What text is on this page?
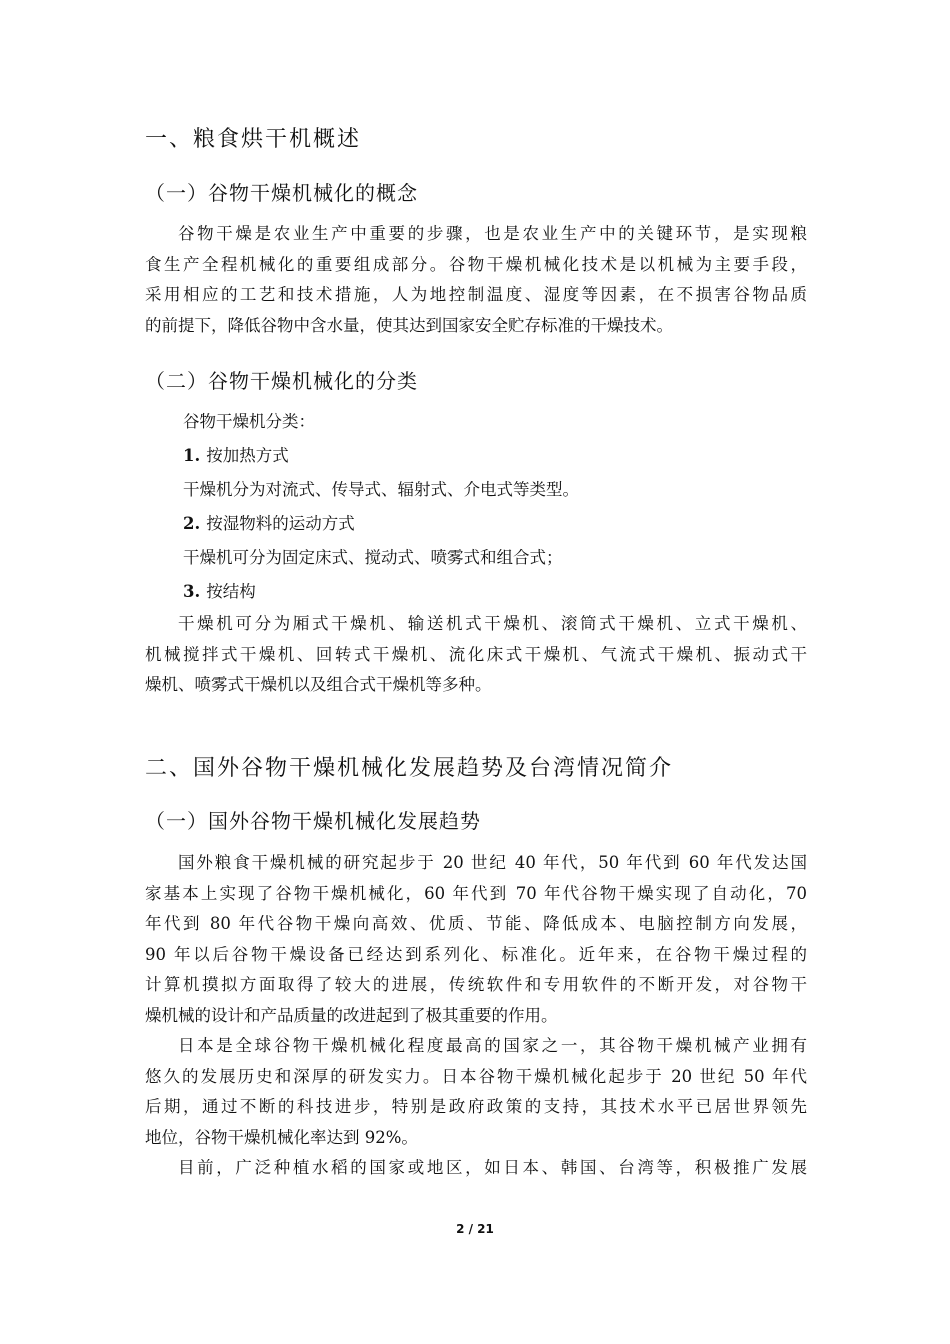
一、粮食烘干机概述
（一）谷物干燥机械化的概念
谷物干燥是农业生产中重要的步骤，也是农业生产中的关键环节，是实现粮
食生产全程机械化的重要组成部分。谷物干燥机械化技术是以机械为主要手段，
采用相应的工艺和技术措施，人为地控制温度、湿度等因素，在不损害谷物品质
的前提下，降低谷物中含水量，使其达到国家安全贮存标准的干燥技术。
（二）谷物干燥机械化的分类

谷物干燥机分类：

1. 按加热方式

干燥机分为对流式、传导式、辐射式、介电式等类型。

2. 按湿物料的运动方式

干燥机可分为固定床式、搅动式、喷雾式和组合式；

3. 按结构

干燥机可分为厢式干燥机、输送机式干燥机、滚筒式干燥机、立式干燥机、
机械搅拌式干燥机、回转式干燥机、流化床式干燥机、气流式干燥机、振动式干
燥机、喷雾式干燥机以及组合式干燥机等多种。
二、国外谷物干燥机械化发展趋势及台湾情况简介
（一）国外谷物干燥机械化发展趋势
国外粮食干燥机械的研究起步于 20 世纪 40 年代，50 年代到 60 年代发达国
家基本上实现了谷物干燥机械化，60 年代到 70 年代谷物干燥实现了自动化，70
年代到 80 年代谷物干燥向高效、优质、节能、降低成本、电脑控制方向发展，
90 年以后谷物干燥设备已经达到系列化、标准化。近年来，在谷物干燥过程的
计算机摸拟方面取得了较大的进展，传统软件和专用软件的不断开发，对谷物干
燥机械的设计和产品质量的改进起到了极其重要的作用。
日本是全球谷物干燥机械化程度最高的国家之一，其谷物干燥机械产业拥有
悠久的发展历史和深厚的研发实力。日本谷物干燥机械化起步于 20 世纪 50 年代
后期，通过不断的科技进步，特别是政府政策的支持，其技术水平已居世界领先
地位，谷物干燥机械化率达到 92%。
目前，广泛种植水稻的国家或地区，如日本、韩国、台湾等，积极推广发展
2 / 21
